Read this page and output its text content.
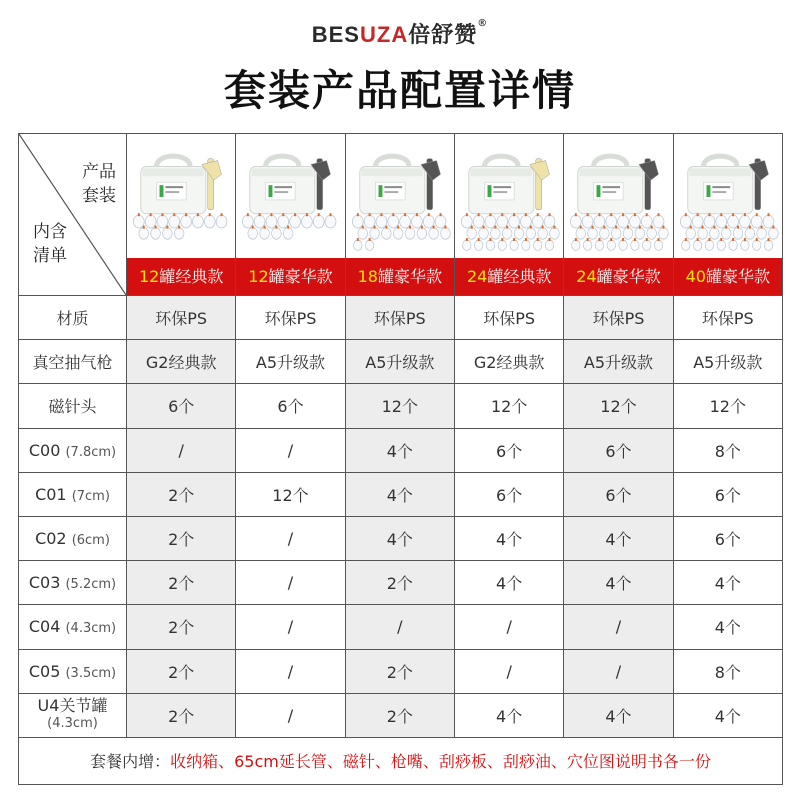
BESUZA倍舒赞®
套装产品配置详情
产品
套装
内含
清单	12罐经典款	12罐豪华款	18罐豪华款	24罐经典款	24罐豪华款	40罐豪华款

材质	环保PS	环保PS	环保PS	环保PS	环保PS	环保PS
真空抽气枪	G2经典款	A5升级款	A5升级款	G2经典款	A5升级款	A5升级款
磁针头	6个	6个	12个	12个	12个	12个
C00 (7.8cm)	/	/	4个	6个	6个	8个
C01 (7cm)	2个	12个	4个	6个	6个	6个
C02 (6cm)	2个	/	4个	4个	4个	6个
C03 (5.2cm)	2个	/	2个	4个	4个	4个
C04 (4.3cm)	2个	/	/	/	/	4个
C05 (3.5cm)	2个	/	2个	/	/	8个
U4关节罐
(4.3cm)	2个	/	2个	4个	4个	4个
套餐内增：收纳箱、65cm延长管、磁针、枪嘴、刮痧板、刮痧油、穴位图说明书各一份						
